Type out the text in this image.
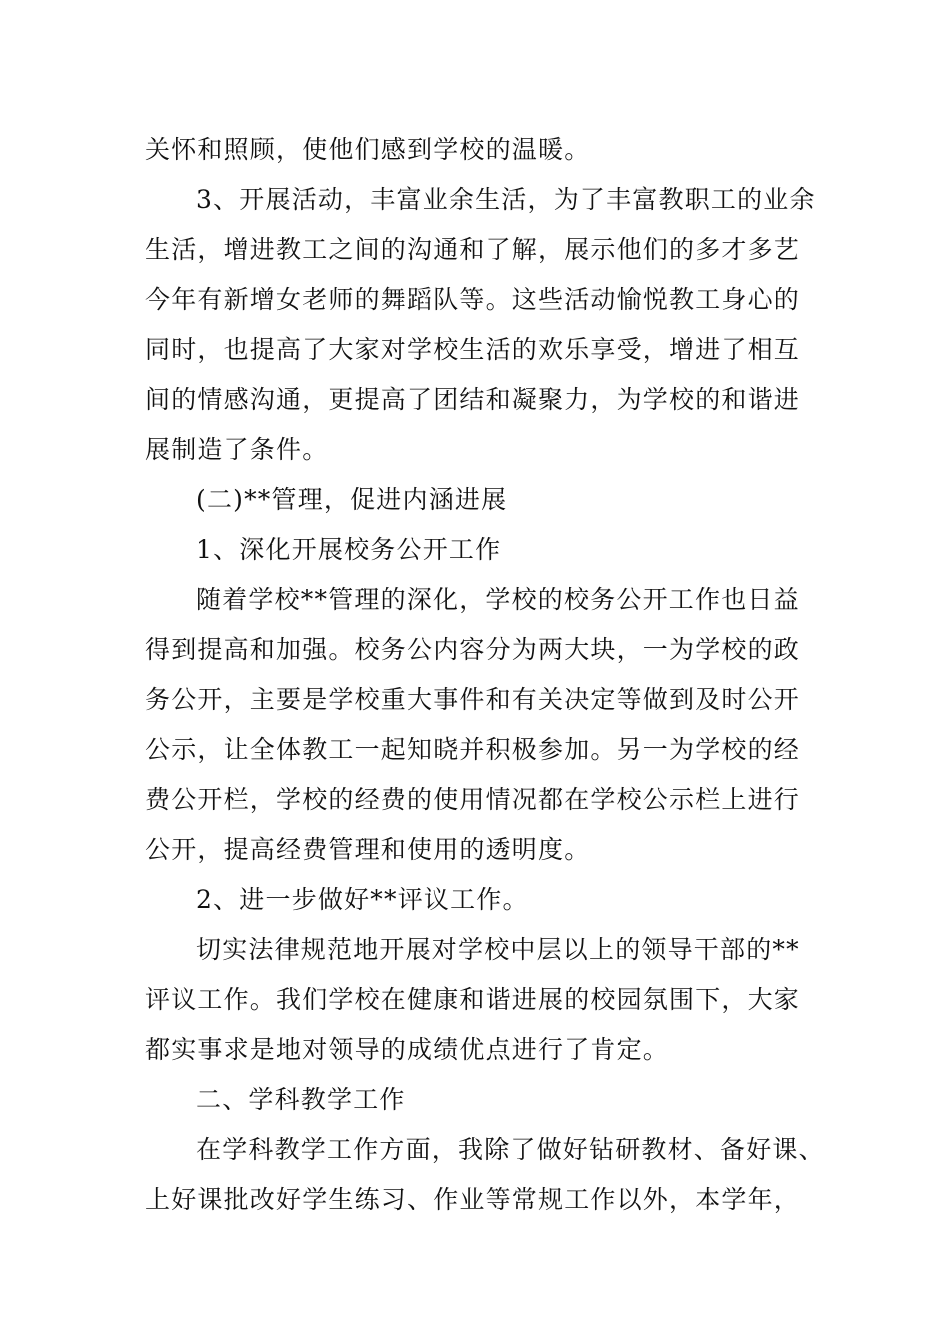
关怀和照顾，使他们感到学校的温暖。
3、开展活动，丰富业余生活，为了丰富教职工的业余
生活，增进教工之间的沟通和了解，展示他们的多才多艺
今年有新增女老师的舞蹈队等。这些活动愉悦教工身心的
同时，也提高了大家对学校生活的欢乐享受，增进了相互
间的情感沟通，更提高了团结和凝聚力，为学校的和谐进
展制造了条件。
(二)**管理，促进内涵进展
1、深化开展校务公开工作
随着学校**管理的深化，学校的校务公开工作也日益
得到提高和加强。校务公内容分为两大块，一为学校的政
务公开，主要是学校重大事件和有关决定等做到及时公开
公示，让全体教工一起知晓并积极参加。另一为学校的经
费公开栏，学校的经费的使用情况都在学校公示栏上进行
公开，提高经费管理和使用的透明度。
2、进一步做好**评议工作。
切实法律规范地开展对学校中层以上的领导干部的**
评议工作。我们学校在健康和谐进展的校园氛围下，大家
都实事求是地对领导的成绩优点进行了肯定。
二、学科教学工作
在学科教学工作方面，我除了做好钻研教材、备好课、
上好课批改好学生练习、作业等常规工作以外，本学年，
